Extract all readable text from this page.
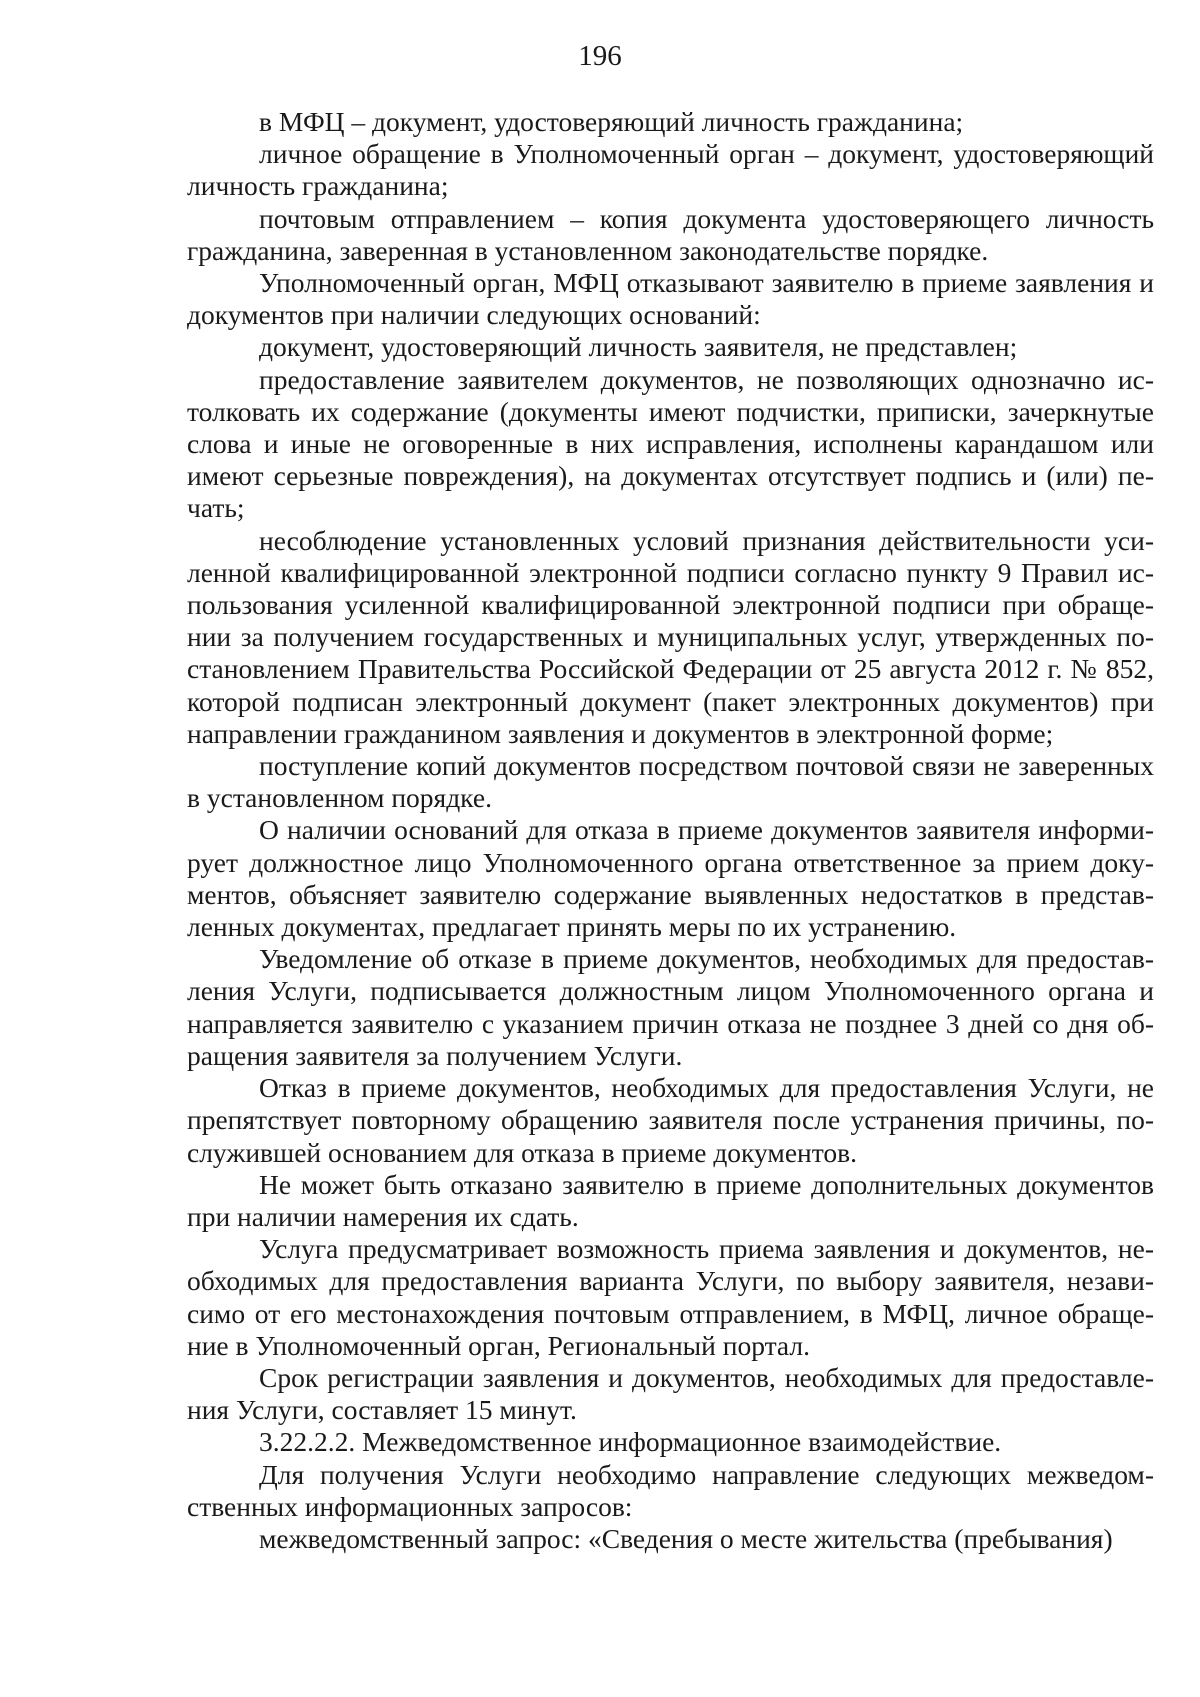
196

в МФЦ – документ, удостоверяющий личность гражданина;

личное обращение в Уполномоченный орган – документ, удостоверяющий личность гражданина;

почтовым отправлением – копия документа удостоверяющего личность гражданина, заверенная в установленном законодательстве порядке.

Уполномоченный орган, МФЦ отказывают заявителю в приеме заявления и документов при наличии следующих оснований:

документ, удостоверяющий личность заявителя, не представлен;

предоставление заявителем документов, не позволяющих однозначно истолковать их содержание (документы имеют подчистки, приписки, зачеркнутые слова и иные не оговоренные в них исправления, исполнены карандашом или имеют серьезные повреждения), на документах отсутствует подпись и (или) печать;

несоблюдение установленных условий признания действительности усиленной квалифицированной электронной подписи согласно пункту 9 Правил использования усиленной квалифицированной электронной подписи при обращении за получением государственных и муниципальных услуг, утвержденных постановлением Правительства Российской Федерации от 25 августа 2012 г. № 852, которой подписан электронный документ (пакет электронных документов) при направлении гражданином заявления и документов в электронной форме;

поступление копий документов посредством почтовой связи не заверенных в установленном порядке.

О наличии оснований для отказа в приеме документов заявителя информирует должностное лицо Уполномоченного органа ответственное за прием документов, объясняет заявителю содержание выявленных недостатков в представленных документах, предлагает принять меры по их устранению.

Уведомление об отказе в приеме документов, необходимых для предоставления Услуги, подписывается должностным лицом Уполномоченного органа и направляется заявителю с указанием причин отказа не позднее 3 дней со дня обращения заявителя за получением Услуги.

Отказ в приеме документов, необходимых для предоставления Услуги, не препятствует повторному обращению заявителя после устранения причины, послужившей основанием для отказа в приеме документов.

Не может быть отказано заявителю в приеме дополнительных документов при наличии намерения их сдать.

Услуга предусматривает возможность приема заявления и документов, необходимых для предоставления варианта Услуги, по выбору заявителя, независимо от его местонахождения почтовым отправлением, в МФЦ, личное обращение в Уполномоченный орган, Региональный портал.

Срок регистрации заявления и документов, необходимых для предоставления Услуги, составляет 15 минут.

3.22.2.2. Межведомственное информационное взаимодействие.

Для получения Услуги необходимо направление следующих межведомственных информационных запросов:

межведомственный запрос: «Сведения о месте жительства (пребывания)
